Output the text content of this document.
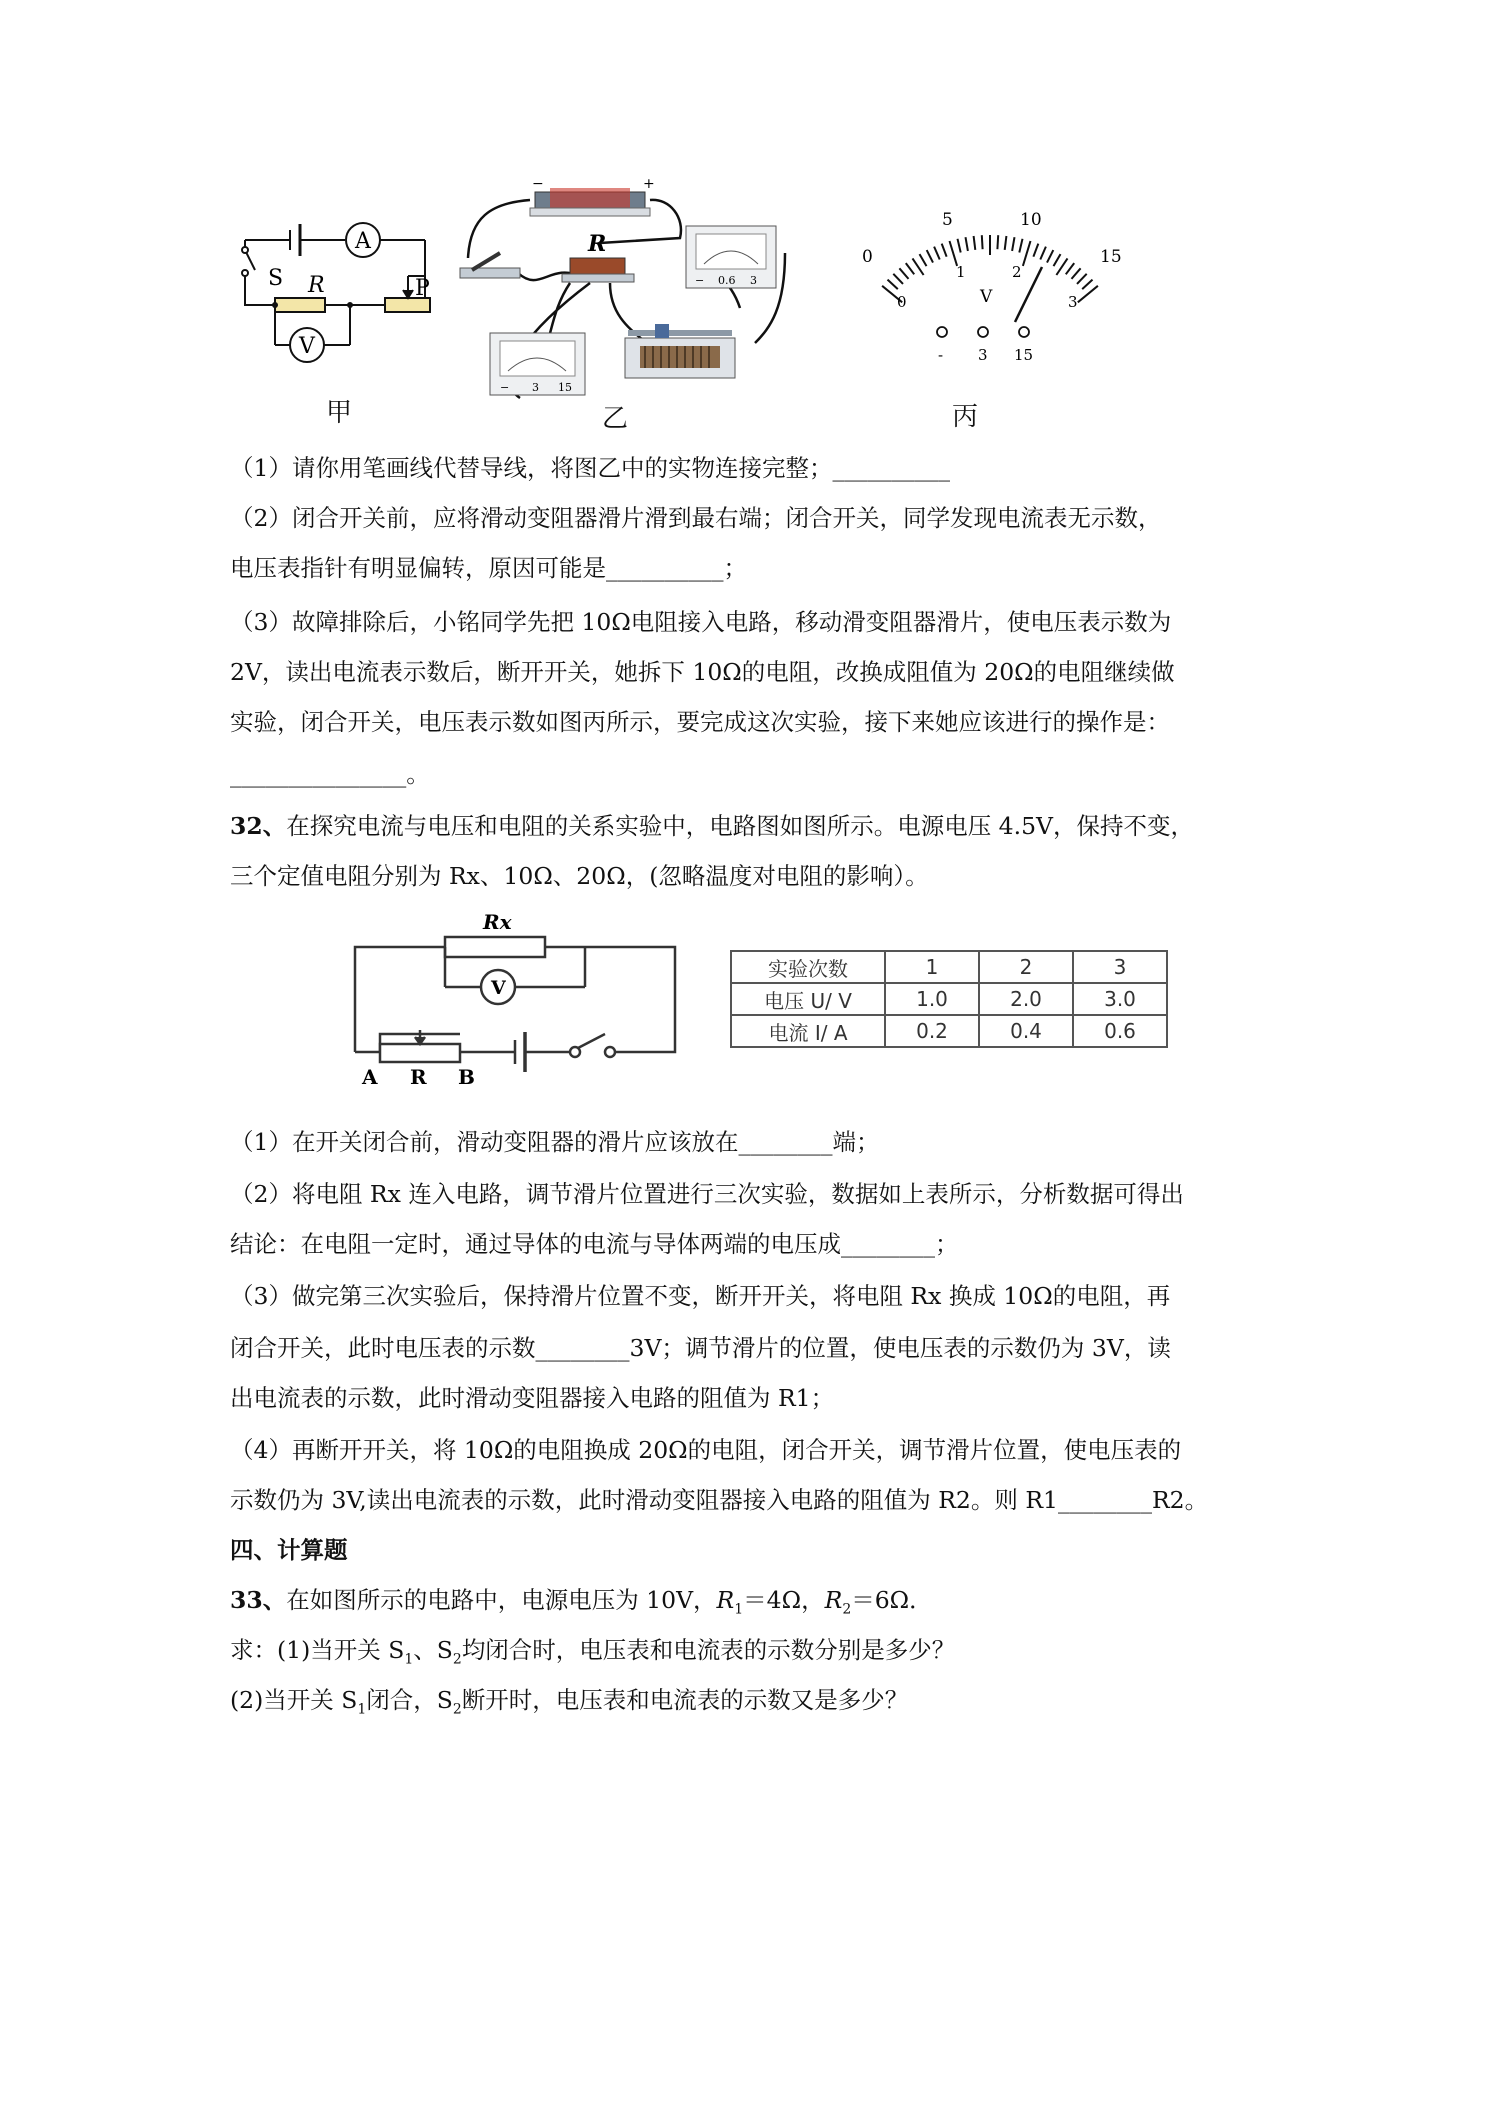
A
V
S R	P
甲
−	+
R
− 0.6 3
− 3 15
乙
0
5	10
15
0
1	2
3
V
- 3 15
丙
（1）请你用笔画线代替导线，将图乙中的实物连接完整；__________
（2）闭合开关前，应将滑动变阻器滑片滑到最右端；闭合开关，同学发现电流表无示数，
电压表指针有明显偏转，原因可能是__________；
（3）故障排除后，小铭同学先把 10Ω电阻接入电路，移动滑变阻器滑片，使电压表示数为
2V，读出电流表示数后，断开开关，她拆下 10Ω的电阻，改换成阻值为 20Ω的电阻继续做
实验，闭合开关，电压表示数如图丙所示，要完成这次实验，接下来她应该进行的操作是：
_______________。
32、在探究电流与电压和电阻的关系实验中，电路图如图所示。电源电压 4.5V，保持不变，
三个定值电阻分别为 Rx、10Ω、20Ω，(忽略温度对电阻的影响）。
Rx
V
A R B
实验次数	1	2	3
电压 U/ V	1.0	2.0	3.0
电流 I/ A	0.2	0.4	0.6
（1）在开关闭合前，滑动变阻器的滑片应该放在________端；
（2）将电阻 Rx 连入电路，调节滑片位置进行三次实验，数据如上表所示，分析数据可得出
结论：在电阻一定时，通过导体的电流与导体两端的电压成________；
（3）做完第三次实验后，保持滑片位置不变，断开开关，将电阻 Rx 换成 10Ω的电阻，再
闭合开关，此时电压表的示数________3V；调节滑片的位置，使电压表的示数仍为 3V，读
出电流表的示数，此时滑动变阻器接入电路的阻值为 R1；
（4）再断开开关，将 10Ω的电阻换成 20Ω的电阻，闭合开关，调节滑片位置，使电压表的
示数仍为 3V,读出电流表的示数，此时滑动变阻器接入电路的阻值为 R2。则 R1________R2。
四、计算题
33、在如图所示的电路中，电源电压为 10V，$R_1=4\Omega$，$R_2=6\Omega$．
求：(1)当开关 $S_1$、$S_2$均闭合时，电压表和电流表的示数分别是多少？
(2)当开关 $S_1$闭合，$S_2$断开时，电压表和电流表的示数又是多少？
